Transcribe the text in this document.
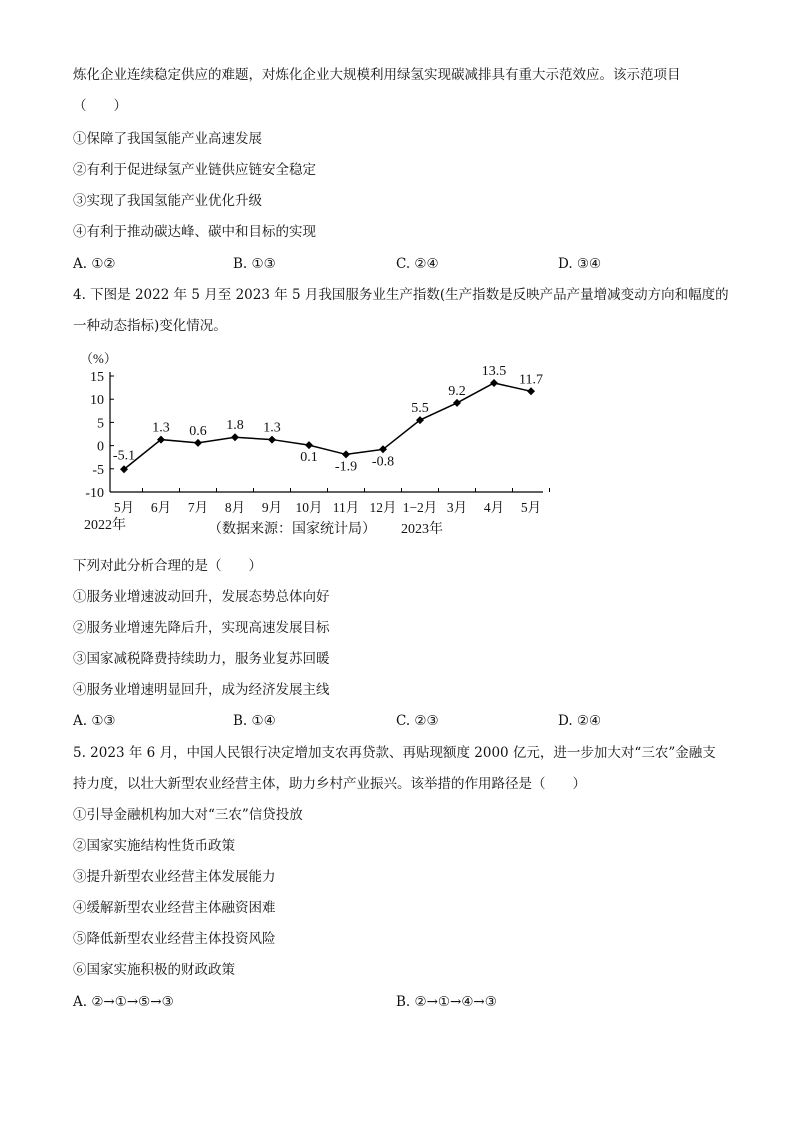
炼化企业连续稳定供应的难题，对炼化企业大规模利用绿氢实现碳减排具有重大示范效应。该示范项目
（　　）
①保障了我国氢能产业高速发展
②有利于促进绿氢产业链供应链安全稳定
③实现了我国氢能产业优化升级
④有利于推动碳达峰、碳中和目标的实现
A. ①②	B. ①③	C. ②④	D. ③④
4. 下图是 2022 年 5 月至 2023 年 5 月我国服务业生产指数(生产指数是反映产品产量增减变动方向和幅度的
一种动态指标)变化情况。
（%）
15
10
5
0
-5
-10
5月 6月 7月 8月 9月 10月 11月 12月 1−2月 3月 4月 5月
-5.1
1.3 0.6 1.8 1.3
0.1
-1.9 -0.8
5.5
9.2
13.5
11.7
2022年	（数据来源：国家统计局） 2023年
下列对此分析合理的是（　　）
①服务业增速波动回升，发展态势总体向好
②服务业增速先降后升，实现高速发展目标
③国家减税降费持续助力，服务业复苏回暖
④服务业增速明显回升，成为经济发展主线
A. ①③	B. ①④	C. ②③	D. ②④
5. 2023 年 6 月，中国人民银行决定增加支农再贷款、再贴现额度 2000 亿元，进一步加大对“三农”金融支
持力度，以壮大新型农业经营主体，助力乡村产业振兴。该举措的作用路径是（　　）
①引导金融机构加大对“三农”信贷投放
②国家实施结构性货币政策
③提升新型农业经营主体发展能力
④缓解新型农业经营主体融资困难
⑤降低新型农业经营主体投资风险
⑥国家实施积极的财政政策
A. ②→①→⑤→③	B. ②→①→④→③
